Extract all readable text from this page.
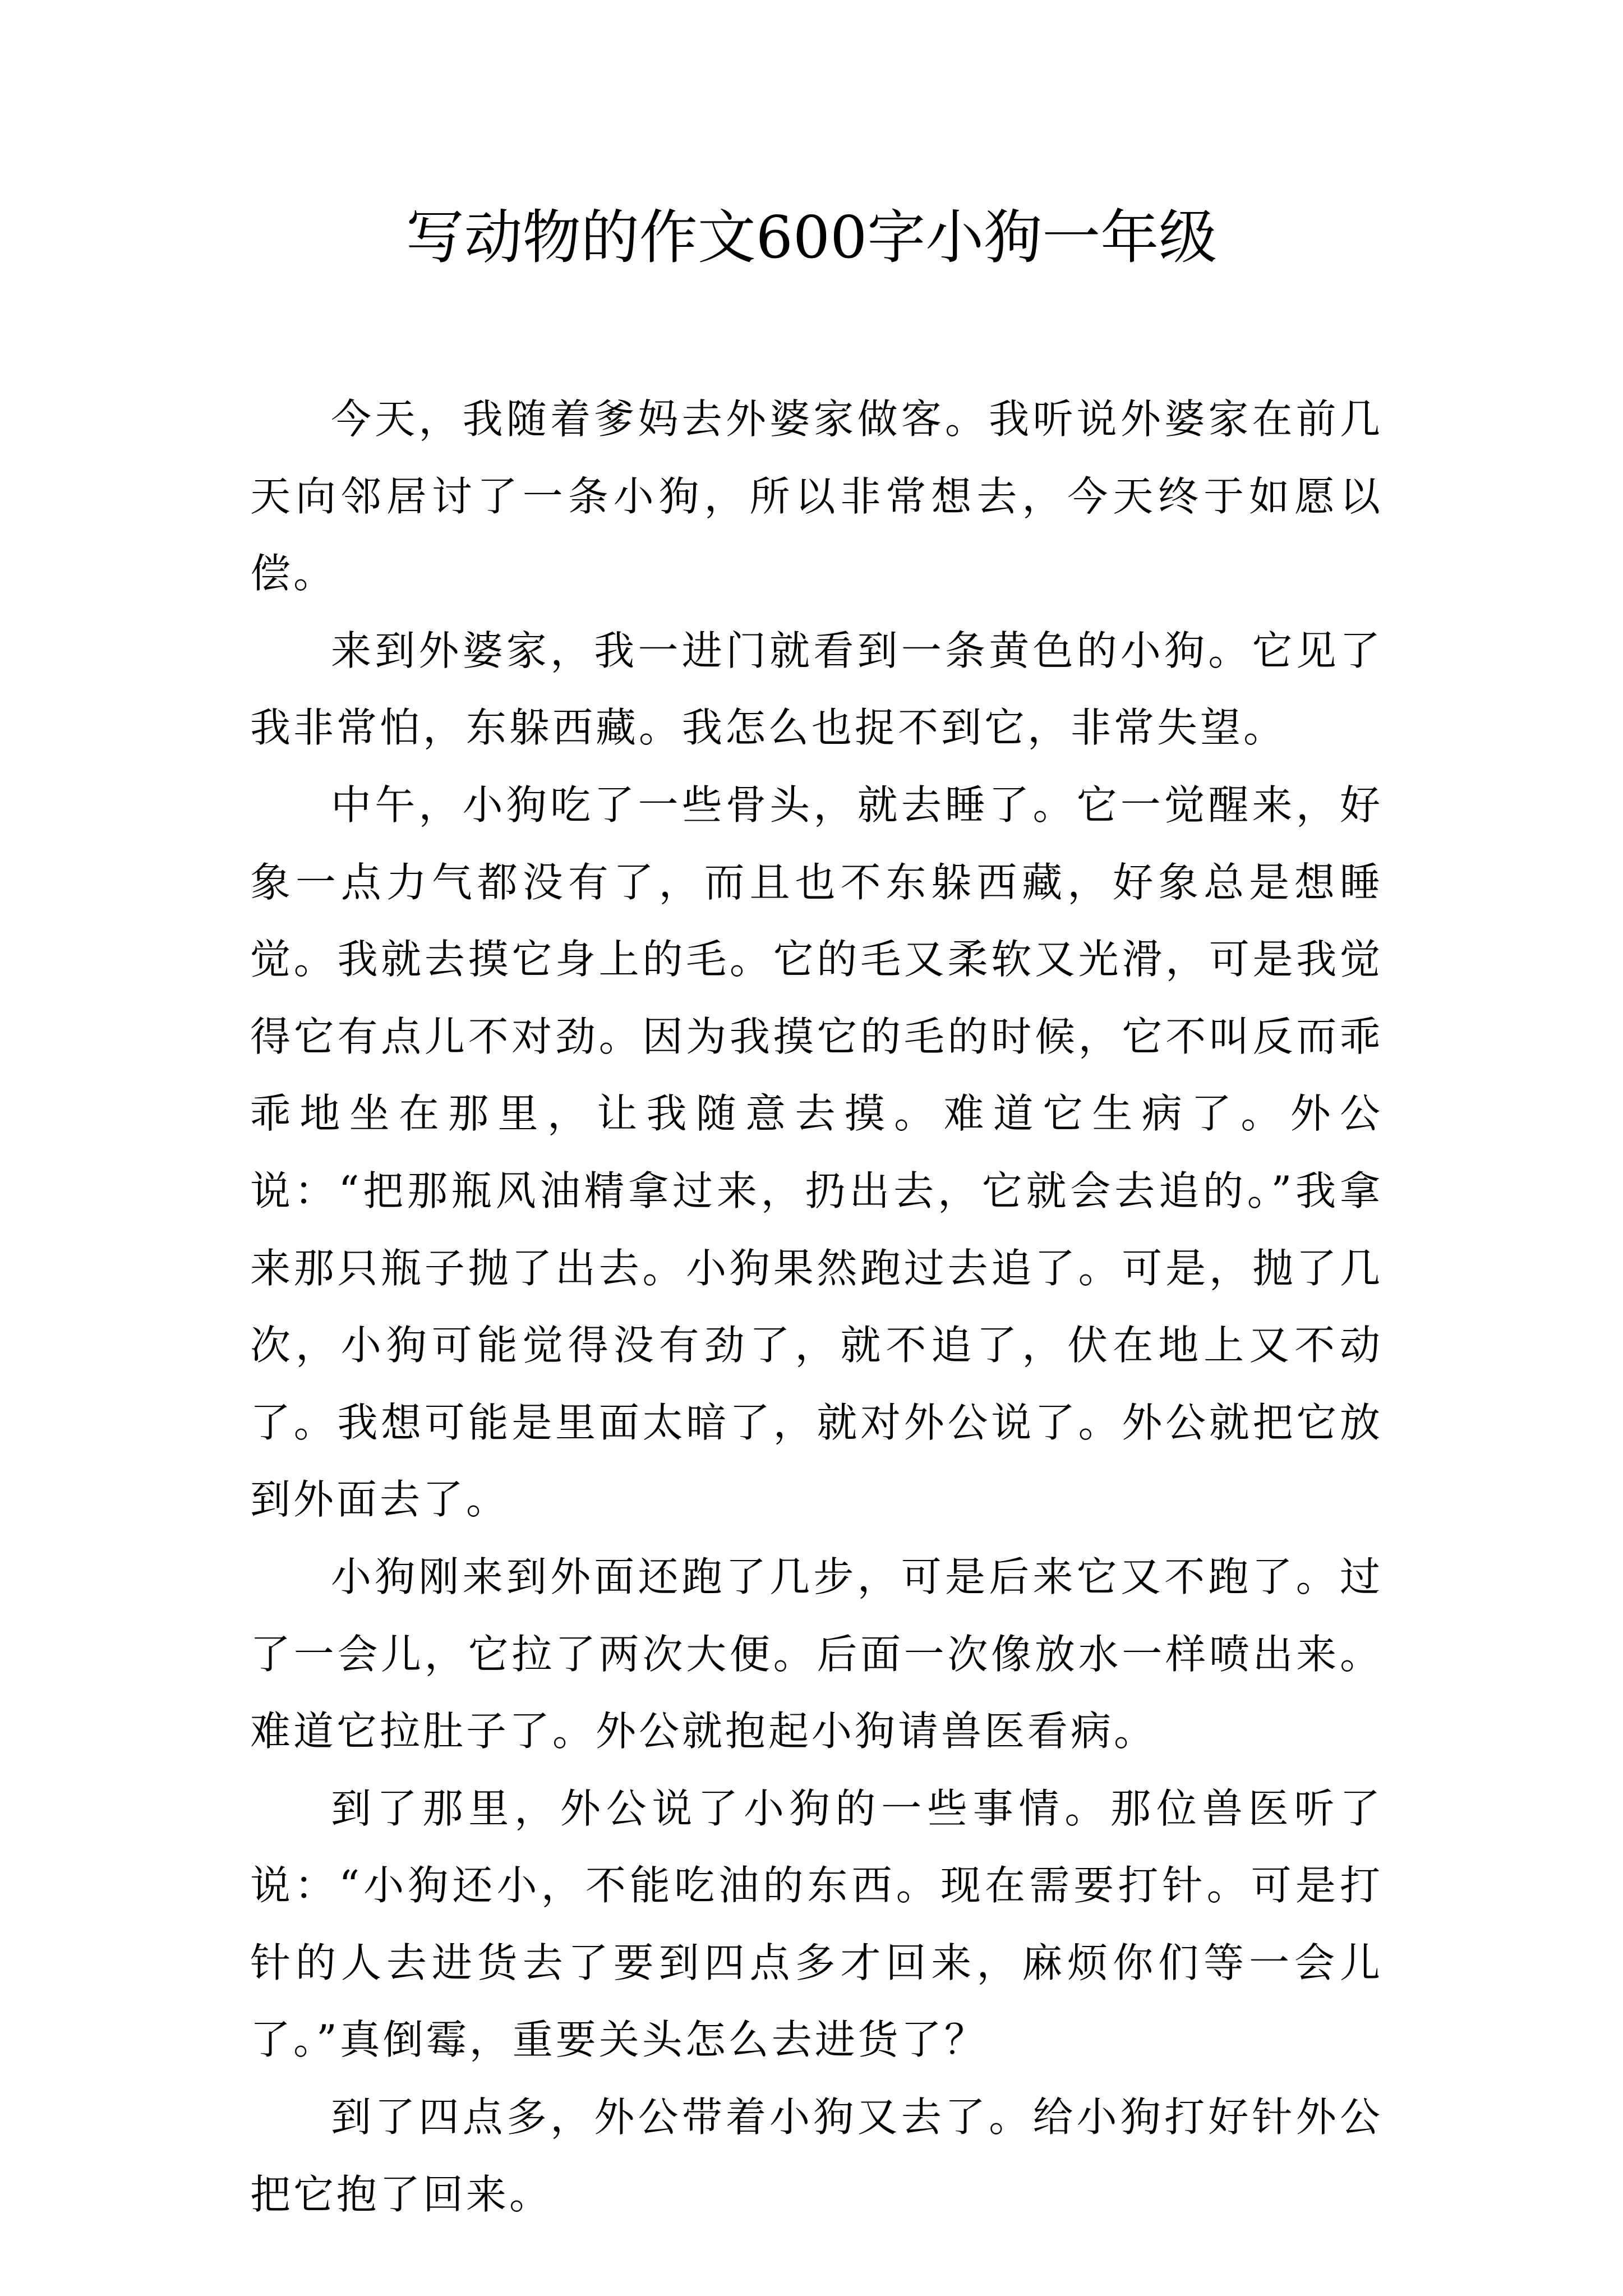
写动物的作文600字小狗一年级

今天，我随着爹妈去外婆家做客。我听说外婆家在前几天向邻居讨了一条小狗，所以非常想去，今天终于如愿以偿。

来到外婆家，我一进门就看到一条黄色的小狗。它见了我非常怕，东躲西藏。我怎么也捉不到它，非常失望。

中午，小狗吃了一些骨头，就去睡了。它一觉醒来，好象一点力气都没有了，而且也不东躲西藏，好象总是想睡觉。我就去摸它身上的毛。它的毛又柔软又光滑，可是我觉得它有点儿不对劲。因为我摸它的毛的时候，它不叫反而乖乖地坐在那里，让我随意去摸。难道它生病了。外公说：“把那瓶风油精拿过来，扔出去，它就会去追的。”我拿来那只瓶子抛了出去。小狗果然跑过去追了。可是，抛了几次，小狗可能觉得没有劲了，就不追了，伏在地上又不动了。我想可能是里面太暗了，就对外公说了。外公就把它放到外面去了。

小狗刚来到外面还跑了几步，可是后来它又不跑了。过了一会儿，它拉了两次大便。后面一次像放水一样喷出来。难道它拉肚子了。外公就抱起小狗请兽医看病。

到了那里，外公说了小狗的一些事情。那位兽医听了说：“小狗还小，不能吃油的东西。现在需要打针。可是打针的人去进货去了要到四点多才回来，麻烦你们等一会儿了。”真倒霉，重要关头怎么去进货了？

到了四点多，外公带着小狗又去了。给小狗打好针外公把它抱了回来。
